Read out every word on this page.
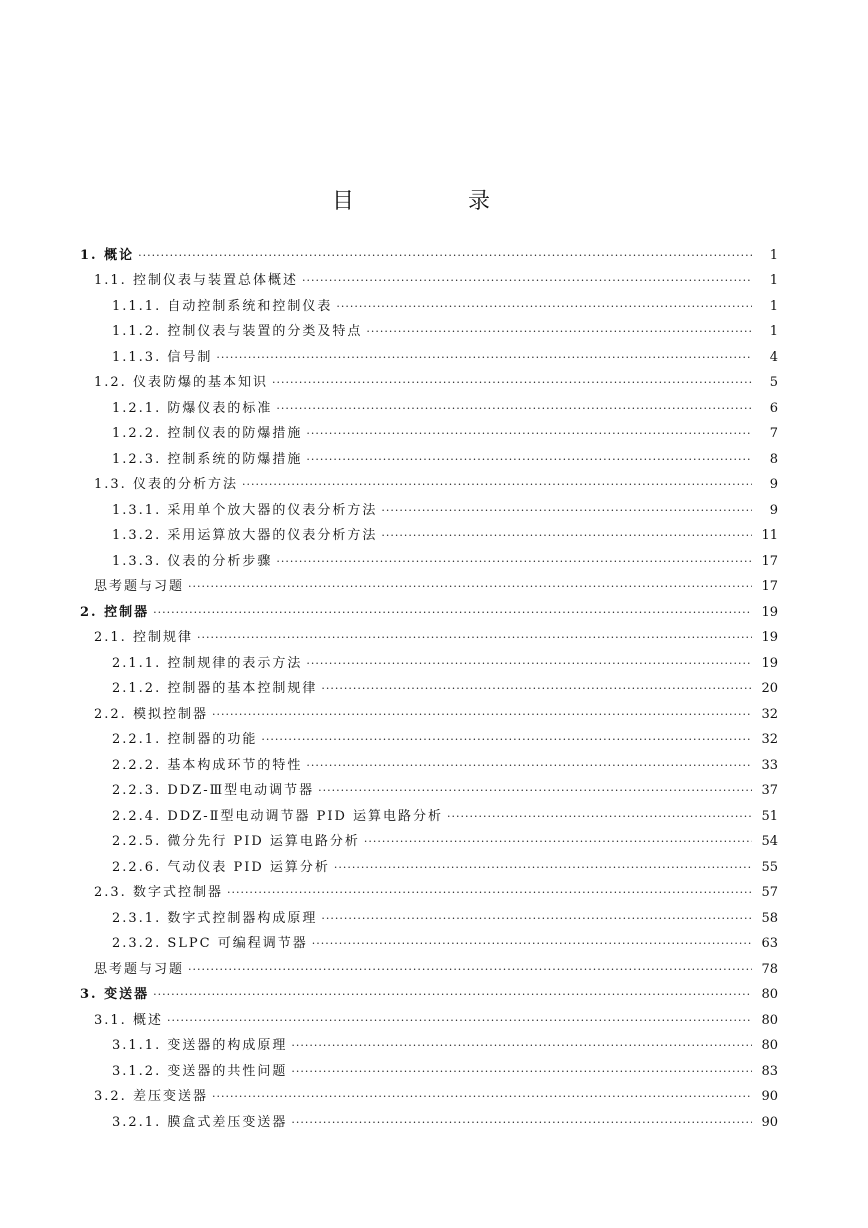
目　录
1. 概论 ·····	1
1.1. 控制仪表与装置总体概述 ·····	1
1.1.1. 自动控制系统和控制仪表 ·····	1
1.1.2. 控制仪表与装置的分类及特点 ·····	1
1.1.3. 信号制 ·····	4
1.2. 仪表防爆的基本知识 ·····	5
1.2.1. 防爆仪表的标准 ·····	6
1.2.2. 控制仪表的防爆措施 ·····	7
1.2.3. 控制系统的防爆措施 ·····	8
1.3. 仪表的分析方法 ·····	9
1.3.1. 采用单个放大器的仪表分析方法 ·····	9
1.3.2. 采用运算放大器的仪表分析方法 ·····	11
1.3.3. 仪表的分析步骤 ·····	17
思考题与习题 ·····	17
2. 控制器 ·····	19
2.1. 控制规律 ·····	19
2.1.1. 控制规律的表示方法 ·····	19
2.1.2. 控制器的基本控制规律 ·····	20
2.2. 模拟控制器 ·····	32
2.2.1. 控制器的功能 ·····	32
2.2.2. 基本构成环节的特性 ·····	33
2.2.3. DDZ-Ⅲ型电动调节器 ·····	37
2.2.4. DDZ-Ⅱ型电动调节器 PID 运算电路分析 ·····	51
2.2.5. 微分先行 PID 运算电路分析 ·····	54
2.2.6. 气动仪表 PID 运算分析 ·····	55
2.3. 数字式控制器 ·····	57
2.3.1. 数字式控制器构成原理 ·····	58
2.3.2. SLPC 可编程调节器 ·····	63
思考题与习题 ·····	78
3. 变送器 ·····	80
3.1. 概述 ·····	80
3.1.1. 变送器的构成原理 ·····	80
3.1.2. 变送器的共性问题 ·····	83
3.2. 差压变送器 ·····	90
3.2.1. 膜盒式差压变送器 ·····	90
